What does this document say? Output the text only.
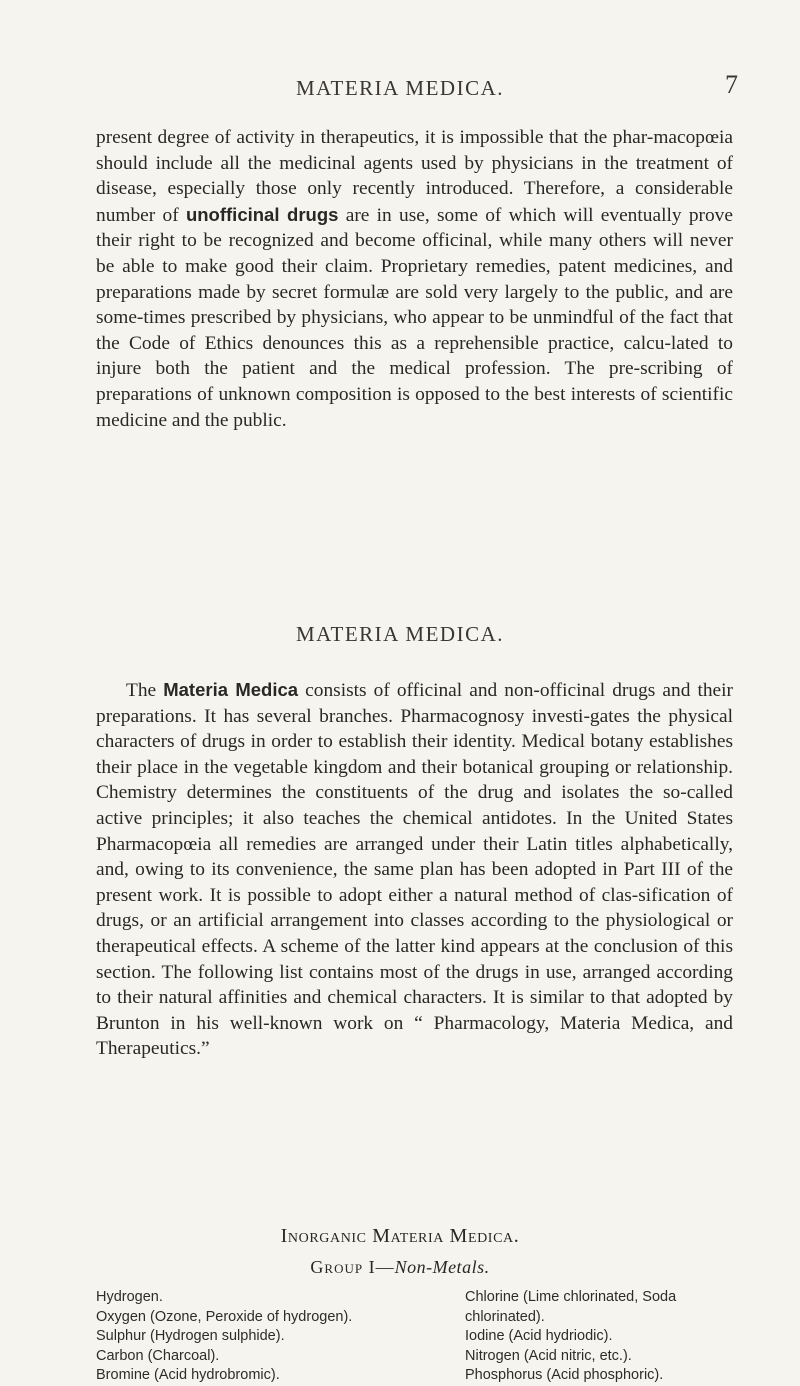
MATERIA MEDICA.	7

present degree of activity in therapeutics, it is impossible that the phar-macopœia should include all the medicinal agents used by physicians in the treatment of disease, especially those only recently introduced. Therefore, a considerable number of unofficinal drugs are in use, some of which will eventually prove their right to be recognized and become officinal, while many others will never be able to make good their claim. Proprietary remedies, patent medicines, and preparations made by secret formulæ are sold very largely to the public, and are some-times prescribed by physicians, who appear to be unmindful of the fact that the Code of Ethics denounces this as a reprehensible practice, calcu-lated to injure both the patient and the medical profession. The pre-scribing of preparations of unknown composition is opposed to the best interests of scientific medicine and the public.

MATERIA MEDICA.

The Materia Medica consists of officinal and non-officinal drugs and their preparations. It has several branches. Pharmacognosy investi-gates the physical characters of drugs in order to establish their identity. Medical botany establishes their place in the vegetable kingdom and their botanical grouping or relationship. Chemistry determines the constituents of the drug and isolates the so-called active principles; it also teaches the chemical antidotes. In the United States Pharmacopœia all remedies are arranged under their Latin titles alphabetically, and, owing to its convenience, the same plan has been adopted in Part III of the present work. It is possible to adopt either a natural method of clas-sification of drugs, or an artificial arrangement into classes according to the physiological or therapeutical effects. A scheme of the latter kind appears at the conclusion of this section. The following list contains most of the drugs in use, arranged according to their natural affinities and chemical characters. It is similar to that adopted by Brunton in his well-known work on “ Pharmacology, Materia Medica, and Therapeutics.”

Inorganic Materia Medica.
Group I—Non-Metals.
Hydrogen.
Oxygen (Ozone, Peroxide of hydrogen).
Sulphur (Hydrogen sulphide).
Carbon (Charcoal).
Bromine (Acid hydrobromic).
Chlorine (Lime chlorinated, Soda
chlorinated).
Iodine (Acid hydriodic).
Nitrogen (Acid nitric, etc.).
Phosphorus (Acid phosphoric).
